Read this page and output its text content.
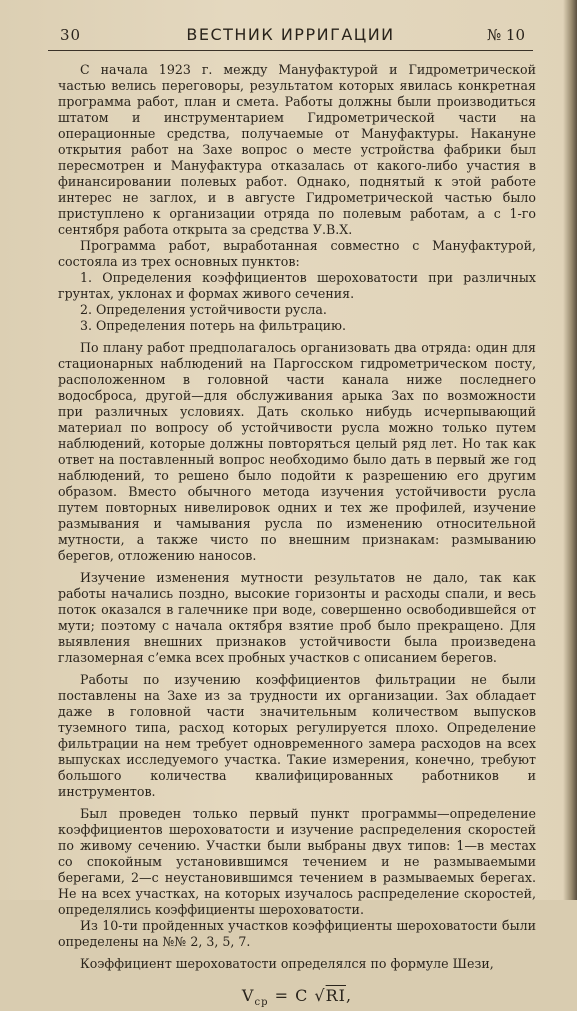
30	ВЕСТНИК ИРРИГАЦИИ	№ 10

С начала 1923 г. между Мануфактурой и Гидрометрической частью велись переговоры, результатом которых явилась конкретная программа работ, план и смета. Работы должны были производиться штатом и инструментарием Гидрометрической части на операционные средства, получаемые от Мануфактуры. Накануне открытия работ на Захе вопрос о месте устройства фабрики был пересмотрен и Мануфактура отказалась от какого-либо участия в финансировании полевых работ. Однако, поднятый к этой работе интерес не заглох, и в августе Гидрометрической частью было приступлено к организации отряда по полевым работам, а с 1-го сентября работа открыта за средства У.В.Х.

Программа работ, выработанная совместно с Мануфактурой, состояла из трех основных пунктов:

1. Определения коэффициентов шероховатости при различных грунтах, уклонах и формах живого сечения.

2. Определения устойчивости русла.

3. Определения потерь на фильтрацию.

По плану работ предполагалось организовать два отряда: один для стационарных наблюдений на Паргосском гидрометрическом посту, расположенном в головной части канала ниже последнего водосброса, другой—для обслуживания арыка Зах по возможности при различных условиях. Дать сколько нибудь исчерпывающий материал по вопросу об устойчивости русла можно только путем наблюдений, которые должны повторяться целый ряд лет. Но так как ответ на поставленный вопрос необходимо было дать в первый же год наблюдений, то решено было подойти к разрешению его другим образом. Вместо обычного метода изучения устойчивости русла путем повторных нивелировок одних и тех же профилей, изучение размывания и чамывания русла по изменению относительной мутности, а также чисто по внешним признакам: размыванию берегов, отложению наносов.

Изучение изменения мутности результатов не дало, так как работы начались поздно, высокие горизонты и расходы спали, и весь поток оказался в галечнике при воде, совершенно освободившейся от мути; поэтому с начала октября взятие проб было прекращено. Для выявления внешних признаков устойчивости была произведена глазомерная сʼемка всех пробных участков с описанием берегов.

Работы по изучению коэффициентов фильтрации не были поставлены на Захе из за трудности их организации. Зах обладает даже в головной части значительным количеством выпусков туземного типа, расход которых регулируется плохо. Определение фильтрации на нем требует одновременного замера расходов на всех выпусках исследуемого участка. Такие измерения, конечно, требуют большого количества квалифицированных работников и инструментов.

Был проведен только первый пункт программы—определение коэффициентов шероховатости и изучение распределения скоростей по живому сечению. Участки были выбраны двух типов: 1—в местах со спокойным установившимся течением и не размываемыми берегами, 2—с неустановившимся течением в размываемых берегах. Не на всех участках, на которых изучалось распределение скоростей, определялись коэффициенты шероховатости.

Из 10-ти пройденных участков коэффициенты шероховатости были определены на №№ 2, 3, 5, 7.

Коэффициент шероховатости определялся по формуле Шези,

$V_{cp} = C$ √RI,
